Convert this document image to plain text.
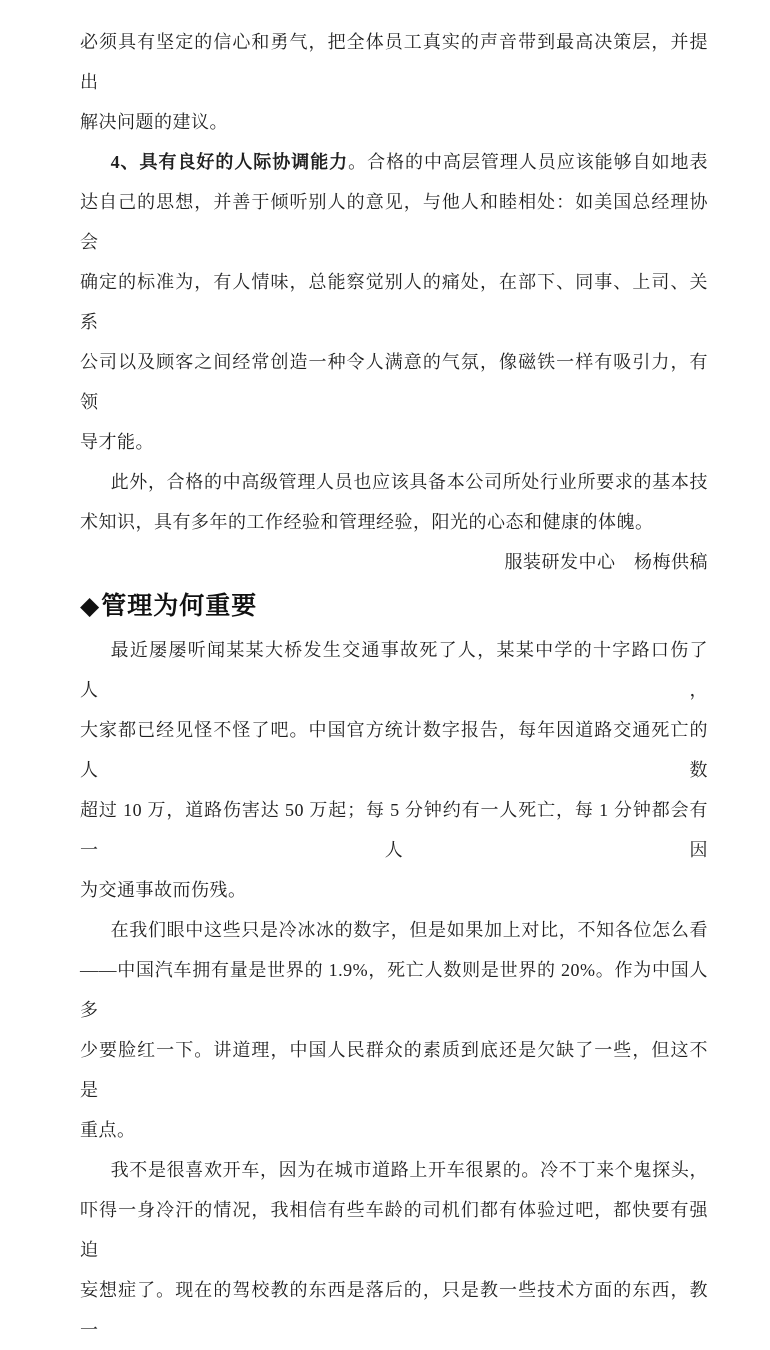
必须具有坚定的信心和勇气，把全体员工真实的声音带到最高决策层，并提出
解决问题的建议。
4、具有良好的人际协调能力。合格的中高层管理人员应该能够自如地表
达自己的思想，并善于倾听别人的意见，与他人和睦相处：如美国总经理协会
确定的标准为，有人情味，总能察觉别人的痛处，在部下、同事、上司、关系
公司以及顾客之间经常创造一种令人满意的气氛，像磁铁一样有吸引力，有领
导才能。
此外，合格的中高级管理人员也应该具备本公司所处行业所要求的基本技
术知识，具有多年的工作经验和管理经验，阳光的心态和健康的体魄。
服装研发中心　杨梅供稿
◆管理为何重要
最近屡屡听闻某某大桥发生交通事故死了人，某某中学的十字路口伤了人，
大家都已经见怪不怪了吧。中国官方统计数字报告，每年因道路交通死亡的人数
超过 10 万，道路伤害达 50 万起；每 5 分钟约有一人死亡，每 1 分钟都会有一人因
为交通事故而伤残。
在我们眼中这些只是冷冰冰的数字，但是如果加上对比，不知各位怎么看
——中国汽车拥有量是世界的 1.9%，死亡人数则是世界的 20%。作为中国人多
少要脸红一下。讲道理，中国人民群众的素质到底还是欠缺了一些，但这不是
重点。
我不是很喜欢开车，因为在城市道路上开车很累的。冷不丁来个鬼探头，
吓得一身冷汗的情况，我相信有些车龄的司机们都有体验过吧，都快要有强迫
妄想症了。现在的驾校教的东西是落后的，只是教一些技术方面的东西，教一
